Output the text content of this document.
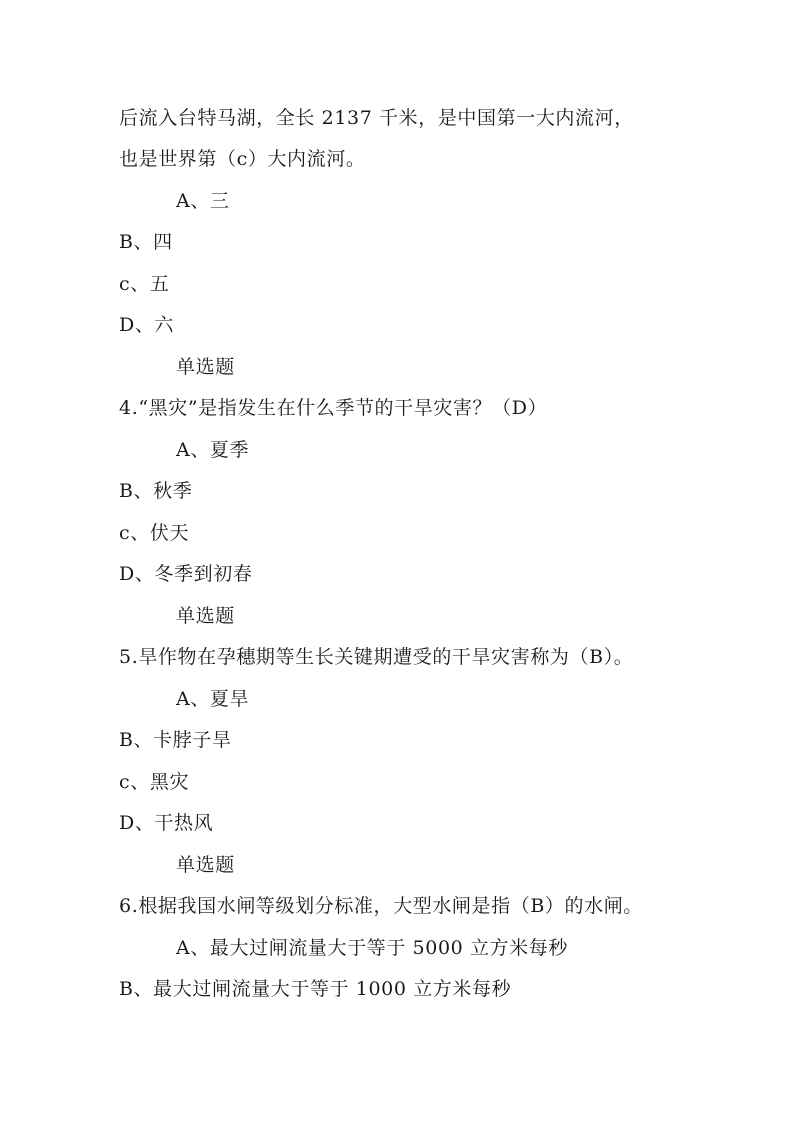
后流入台特马湖，全长 2137 千米，是中国第一大内流河，
也是世界第（c）大内流河。
A、三
B、四
c、五
D、六
单选题
4.“黑灾”是指发生在什么季节的干旱灾害？（D）
A、夏季
B、秋季
c、伏天
D、冬季到初春
单选题
5.旱作物在孕穗期等生长关键期遭受的干旱灾害称为（B）。
A、夏旱
B、卡脖子旱
c、黑灾
D、干热风
单选题
6.根据我国水闸等级划分标准，大型水闸是指（B）的水闸。
A、最大过闸流量大于等于 5000 立方米每秒
B、最大过闸流量大于等于 1000 立方米每秒
